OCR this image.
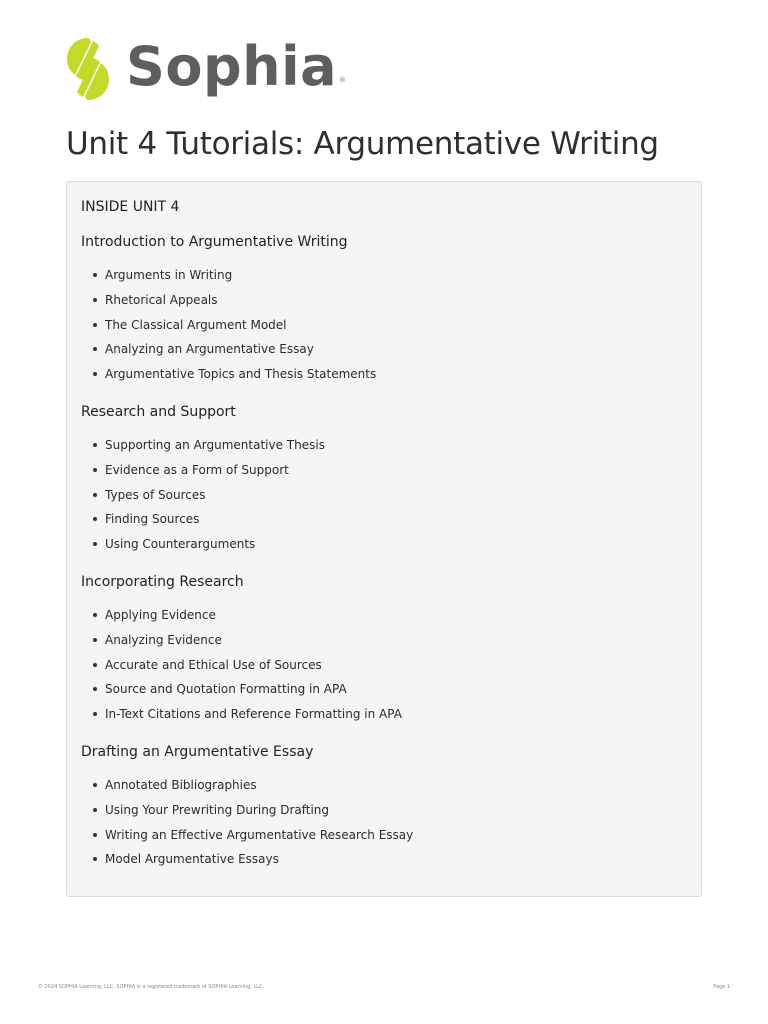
Sophia ®
Unit 4 Tutorials: Argumentative Writing
INSIDE UNIT 4
Introduction to Argumentative Writing
Arguments in Writing
Rhetorical Appeals
The Classical Argument Model
Analyzing an Argumentative Essay
Argumentative Topics and Thesis Statements
Research and Support
Supporting an Argumentative Thesis
Evidence as a Form of Support
Types of Sources
Finding Sources
Using Counterarguments
Incorporating Research
Applying Evidence
Analyzing Evidence
Accurate and Ethical Use of Sources
Source and Quotation Formatting in APA
In-Text Citations and Reference Formatting in APA
Drafting an Argumentative Essay
Annotated Bibliographies
Using Your Prewriting During Drafting
Writing an Effective Argumentative Research Essay
Model Argumentative Essays
© 2024 SOPHIA Learning, LLC. SOPHIA is a registered trademark of SOPHIA Learning, LLC.	Page 1
